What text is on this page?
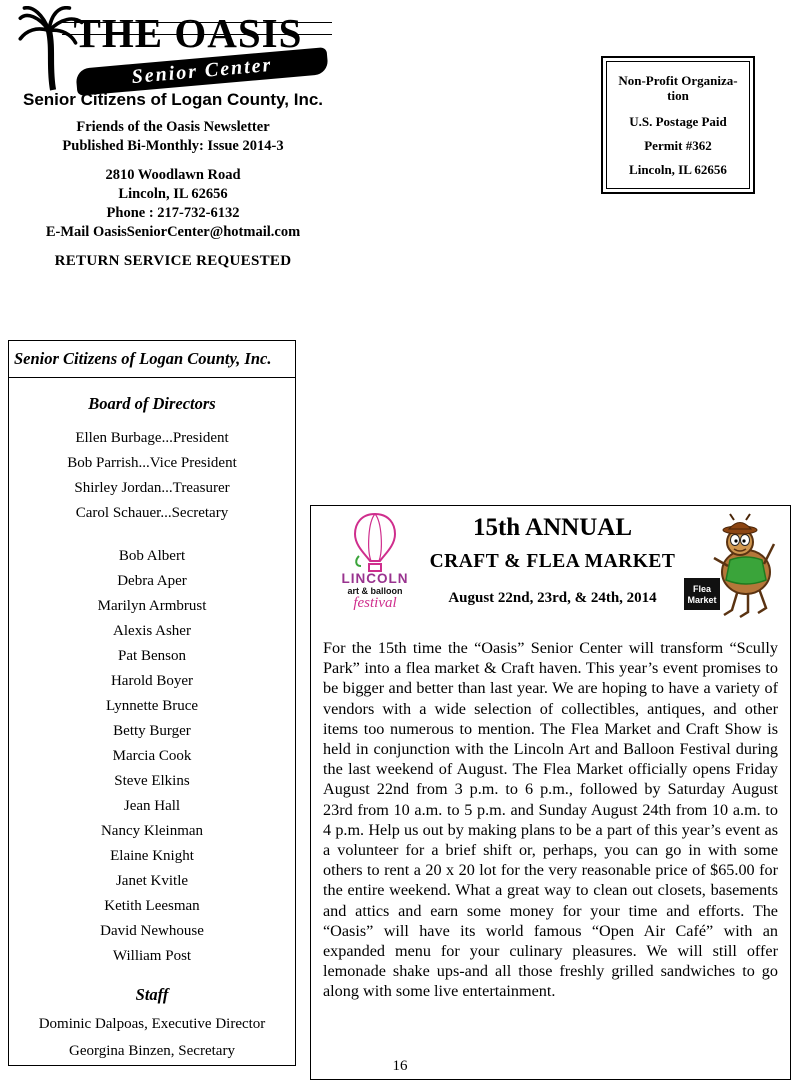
THE OASIS
Senior Center
Senior Citizens of Logan County, Inc.
Friends of the Oasis Newsletter
Published Bi-Monthly: Issue 2014-3
2810 Woodlawn Road
Lincoln, IL 62656
Phone : 217-732-6132
E-Mail OasisSeniorCenter@hotmail.com
RETURN SERVICE REQUESTED
Non-Profit Organiza-
tion
U.S. Postage Paid
Permit #362
Lincoln, IL 62656
Senior Citizens of Logan County, Inc.
Board of Directors
Ellen Burbage...President
Bob Parrish...Vice President
Shirley Jordan...Treasurer
Carol Schauer...Secretary
Bob Albert
Debra Aper
Marilyn Armbrust
Alexis Asher
Pat Benson
Harold Boyer
Lynnette Bruce
Betty Burger
Marcia Cook
Steve Elkins
Jean Hall
Nancy Kleinman
Elaine Knight
Janet Kvitle
Ketith Leesman
David Newhouse
William Post
Staff
Dominic Dalpoas, Executive Director
Georgina Binzen, Secretary
LINCOLN
art & balloon
festival
15th ANNUAL
CRAFT & FLEA MARKET
August 22nd, 23rd, & 24th, 2014
Flea
Market

For the 15th time the “Oasis” Senior Center will transform “Scully Park” into a flea market & Craft haven. This year’s event promises to be bigger and better than last year. We are hoping to have a variety of vendors with a wide selection of collectibles, antiques, and other items too numerous to mention. The Flea Market and Craft Show is held in conjunction with the Lincoln Art and Balloon Festival during the last weekend of August. The Flea Market officially opens Friday August 22nd from 3 p.m. to 6 p.m., followed by Saturday August 23rd from 10 a.m. to 5 p.m. and Sunday August 24th from 10 a.m. to 4 p.m. Help us out by making plans to be a part of this year’s event as a volunteer for a brief shift or, perhaps, you can go in with some others to rent a 20 x 20 lot for the very reasonable price of $65.00 for the entire weekend. What a great way to clean out closets, basements and attics and earn some money for your time and efforts. The “Oasis” will have its world famous “Open Air Café” with an expanded menu for your culinary pleasures. We will still offer lemonade shake ups-and all those freshly grilled sandwiches to go along with some live entertainment.

16
